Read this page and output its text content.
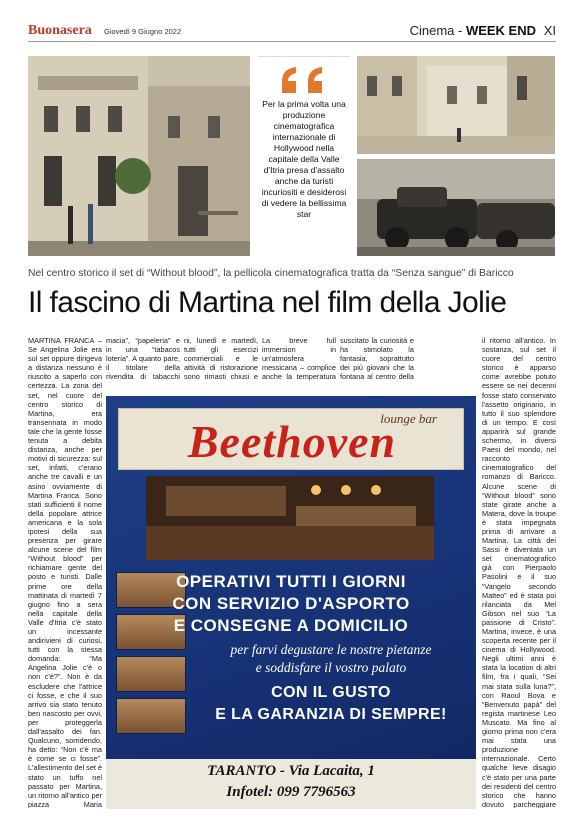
Buonasera Giovedì 9 Giugno 2022	Cinema - WEEK END XI
Per la prima volta una produzione cinematografica internazionale di Hollywood nella capitale della Valle d'Itria presa d'assalto anche da turisti incuriositi e desiderosi di vedere la bellissima star
Nel centro storico il set di “Without blood”, la pellicola cinematografica tratta da “Senza sangue” di Baricco
Il fascino di Martina nel film della Jolie
MARTINA FRANCA – Se Angelina Jolie era sul set oppure dirigeva a distanza nessuno è riuscito a saperlo con certezza. La zona del set, nel cuore del centro storico di Martina, era transennata in modo tale che la gente fosse tenuta a debita distanza, anche per motivi di sicurezza: sul set, infatti, c'erano anche tre cavalli e un asino ovviamente di Martina Franca. Sono stati sufficienti il nome della popolare attrice americana e la sola ipotesi della sua presenza per girare alcune scene del film “Without blood” per richiamare gente del posto e turisti. Dalle prime ore della mattinata di martedì 7 giugno fino a sera nella capitale della Valle d'Itria c'è stato un incessante andirivieni di curiosi, tutti con la stessa domanda: “Ma Angelina Jolie c'è o non c'è?”. Non è da escludere che l'attrice ci fosse, e che il suo arrivo sia stato tenuto ben nascosto per ovvi, per proteggerla dall'assalto dei fan. Qualcuno, sorridendo, ha detto: “Non c'è ma è come se ci fosse”. L'allestimento del set è stato un tuffo nel passato per Martina, un ritorno all'antico per piazza Maria
macia”, “papeleria” e in una “tabacos loteria”. A quanto pare, il titolare della rivendita di tabacchi
ni, lunedì e martedì, tutti gli esercizi commerciali e le attività di ristorazione sono rimasti chiusi e
La breve full immersion in un'atmosfera messicana – complice anche la temperatura
suscitato la curiosità e ha stimolato la fantasia, soprattutto dei più giovani che la fontana al centro della
il ritorno all'antico. In sostanza, sul set il cuore del centro storico è apparso come avrebbe potuto essere se nei decenni fosse stato conservato l'assetto originario, in tutto il suo splendore di un tempo. E così apparirà sul grande schermo, in diversi Paesi del mondo, nel racconto cinematografico del romanzo di Baricco. Alcune scene di “Without blood” sono state girate anche a Matera, dove la troupe è stata impegnata prima di arrivare a Martina. La città dei Sassi è diventata un set cinematografico già con Pierpaolo Pasolini e il suo “Vangelo secondo Matteo” ed è stata poi rilanciata da Mel Gibson nel suo “La passione di Cristo”. Martina, invece, è una scoperta recente per il cinema di Hollywood. Negli ultimi anni è stata la location di altri film, fra i quali, “Sei mai stata sulla luna?”, con Raoul Bova e “Benvenuto papà” del regista martinese Leo Muscato. Ma fino al giorno prima non c'era mai stata una produzione internazionale. Certo qualche lieve disagio c'è stato per una parte dei residenti del centro storico che hanno dovuto parcheggiare
Beethoven
lounge bar
OPERATIVI TUTTI I GIORNI
CON SERVIZIO D'ASPORTO
E CONSEGNE A DOMICILIO
per farvi degustare le nostre pietanze
e soddisfare il vostro palato
CON IL GUSTO
E LA GARANZIA DI SEMPRE!
TARANTO - Via Lacaita, 1
Infotel: 099 7796563
